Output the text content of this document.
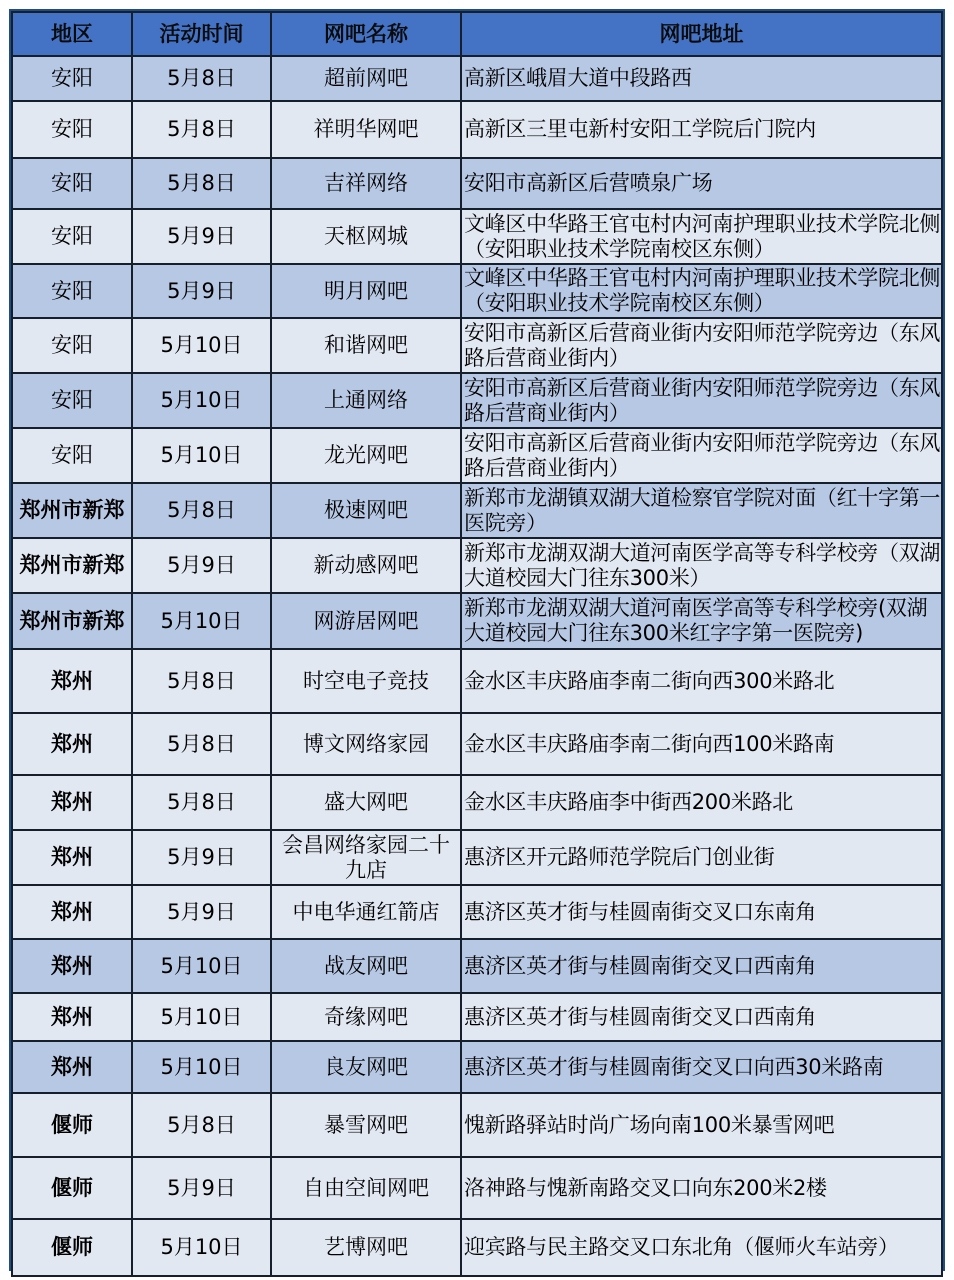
地区	活动时间	网吧名称	网吧地址
安阳	5月8日	超前网吧	高新区峨眉大道中段路西
安阳	5月8日	祥明华网吧	高新区三里屯新村安阳工学院后门院内
安阳	5月8日	吉祥网络	安阳市高新区后营喷泉广场
安阳	5月9日	天枢网城	文峰区中华路王官屯村内河南护理职业技术学院北侧（安阳职业技术学院南校区东侧）
安阳	5月9日	明月网吧	文峰区中华路王官屯村内河南护理职业技术学院北侧（安阳职业技术学院南校区东侧）
安阳	5月10日	和谐网吧	安阳市高新区后营商业街内安阳师范学院旁边（东风路后营商业街内）
安阳	5月10日	上通网络	安阳市高新区后营商业街内安阳师范学院旁边（东风路后营商业街内）
安阳	5月10日	龙光网吧	安阳市高新区后营商业街内安阳师范学院旁边（东风路后营商业街内）
郑州市新郑	5月8日	极速网吧	新郑市龙湖镇双湖大道检察官学院对面（红十字第一医院旁）
郑州市新郑	5月9日	新动感网吧	新郑市龙湖双湖大道河南医学高等专科学校旁（双湖大道校园大门往东300米）
郑州市新郑	5月10日	网游居网吧	新郑市龙湖双湖大道河南医学高等专科学校旁(双湖大道校园大门往东300米红字字第一医院旁)
郑州	5月8日	时空电子竞技	金水区丰庆路庙李南二街向西300米路北
郑州	5月8日	博文网络家园	金水区丰庆路庙李南二街向西100米路南
郑州	5月8日	盛大网吧	金水区丰庆路庙李中街西200米路北
郑州	5月9日	会昌网络家园二十九店	惠济区开元路师范学院后门创业街
郑州	5月9日	中电华通红箭店	惠济区英才街与桂圆南街交叉口东南角
郑州	5月10日	战友网吧	惠济区英才街与桂圆南街交叉口西南角
郑州	5月10日	奇缘网吧	惠济区英才街与桂圆南街交叉口西南角
郑州	5月10日	良友网吧	惠济区英才街与桂圆南街交叉口向西30米路南
偃师	5月8日	暴雪网吧	愧新路驿站时尚广场向南100米暴雪网吧
偃师	5月9日	自由空间网吧	洛神路与愧新南路交叉口向东200米2楼
偃师	5月10日	艺博网吧	迎宾路与民主路交叉口东北角（偃师火车站旁）
